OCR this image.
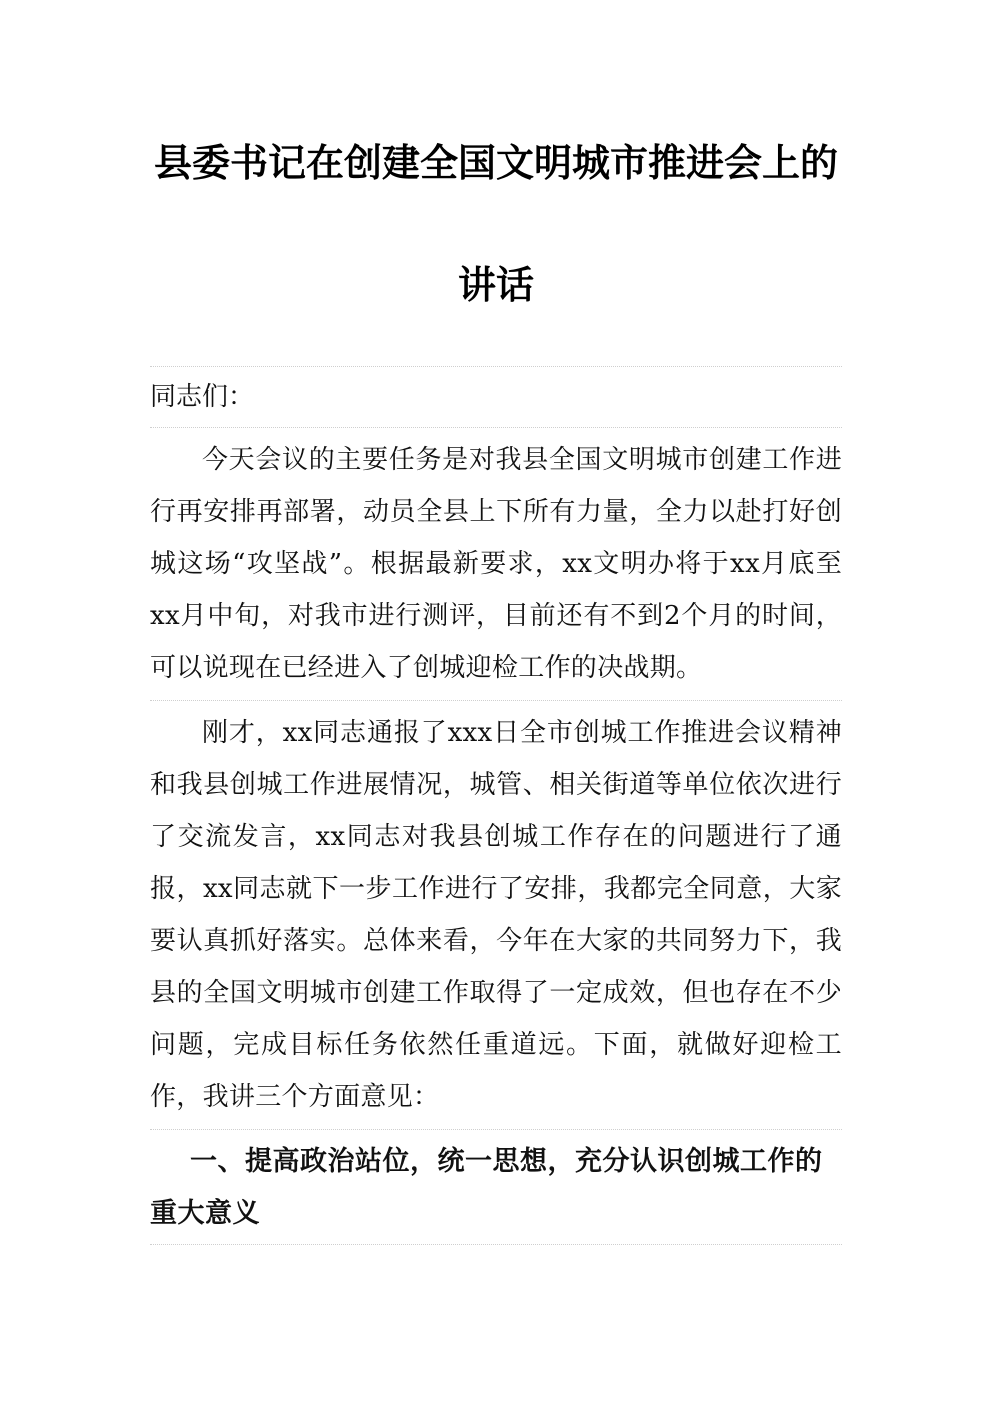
县委书记在创建全国文明城市推进会上的
讲话
同志们：
今天会议的主要任务是对我县全国文明城市创建工作进行再安排再部署，动员全县上下所有力量，全力以赴打好创城这场“攻坚战”。根据最新要求，xx文明办将于xx月底至xx月中旬，对我市进行测评，目前还有不到2个月的时间，可以说现在已经进入了创城迎检工作的决战期。
刚才，xx同志通报了xxx日全市创城工作推进会议精神和我县创城工作进展情况，城管、相关街道等单位依次进行了交流发言，xx同志对我县创城工作存在的问题进行了通报，xx同志就下一步工作进行了安排，我都完全同意，大家要认真抓好落实。总体来看，今年在大家的共同努力下，我县的全国文明城市创建工作取得了一定成效，但也存在不少问题，完成目标任务依然任重道远。下面，就做好迎检工作，我讲三个方面意见：
一、提高政治站位，统一思想，充分认识创城工作的重大意义
